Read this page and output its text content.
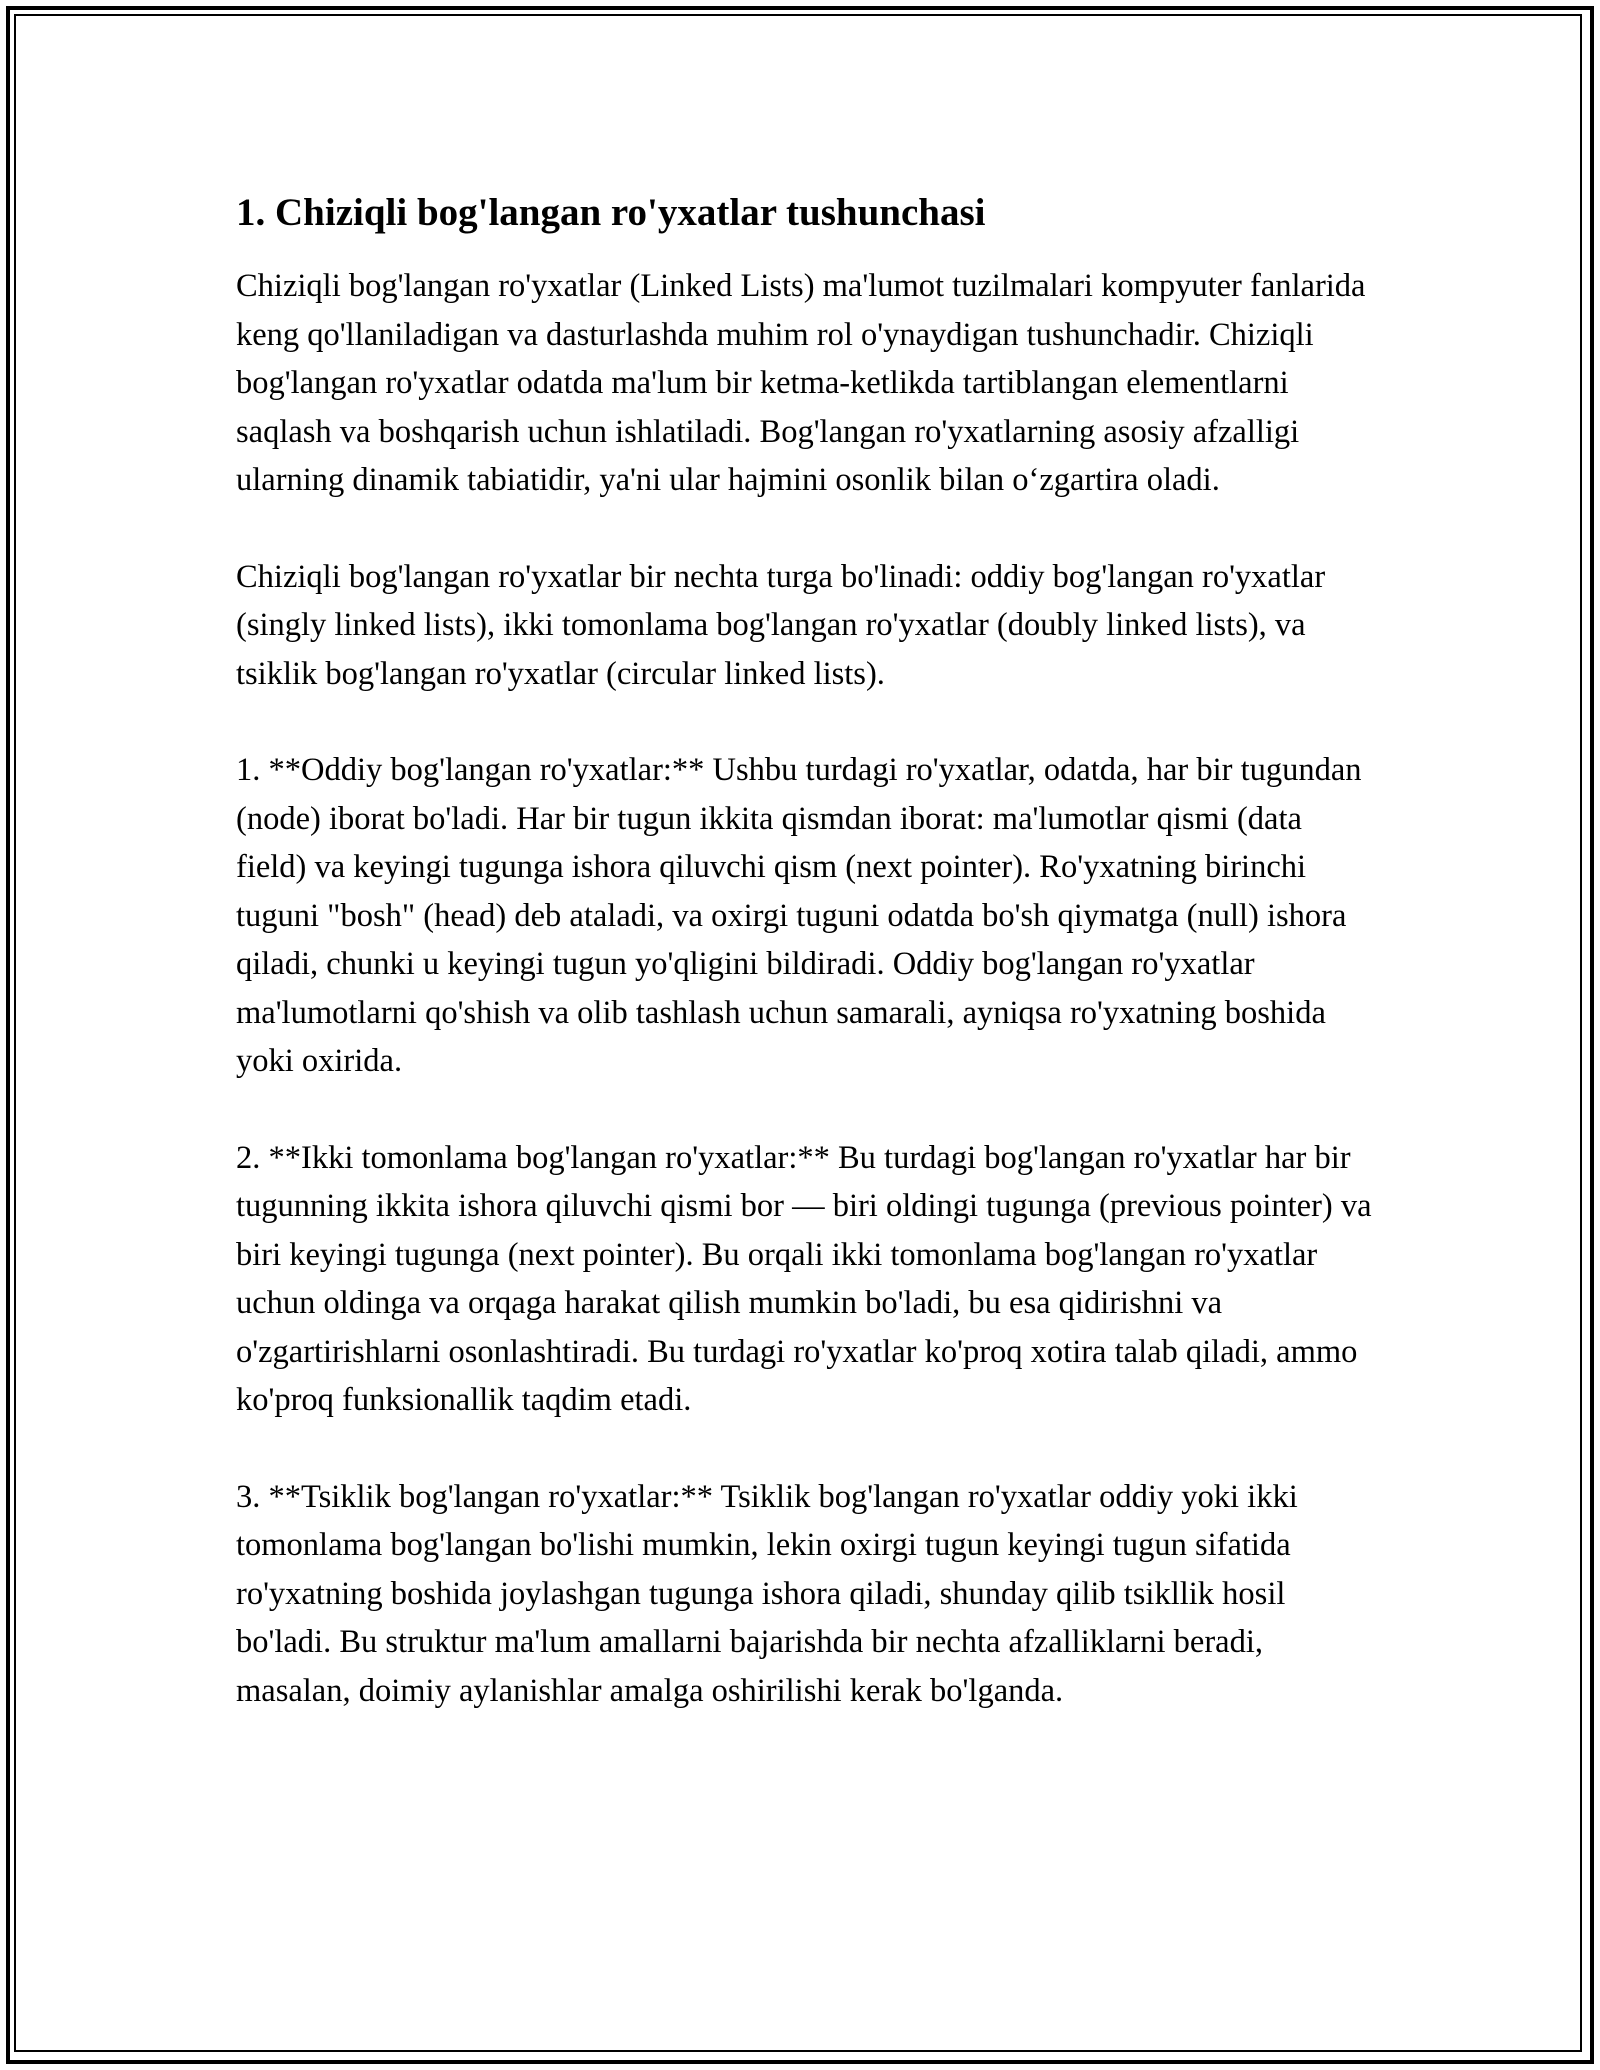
1. Chiziqli bog'langan ro'yxatlar tushunchasi

Chiziqli bog'langan ro'yxatlar (Linked Lists) ma'lumot tuzilmalari kompyuter fanlarida keng qo'llaniladigan va dasturlashda muhim rol o'ynaydigan tushunchadir. Chiziqli bog'langan ro'yxatlar odatda ma'lum bir ketma-ketlikda tartiblangan elementlarni saqlash va boshqarish uchun ishlatiladi. Bog'langan ro'yxatlarning asosiy afzalligi ularning dinamik tabiatidir, ya'ni ular hajmini osonlik bilan oʻzgartira oladi.

Chiziqli bog'langan ro'yxatlar bir nechta turga bo'linadi: oddiy bog'langan ro'yxatlar (singly linked lists), ikki tomonlama bog'langan ro'yxatlar (doubly linked lists), va tsiklik bog'langan ro'yxatlar (circular linked lists).

1. **Oddiy bog'langan ro'yxatlar:** Ushbu turdagi ro'yxatlar, odatda, har bir tugundan (node) iborat bo'ladi. Har bir tugun ikkita qismdan iborat: ma'lumotlar qismi (data field) va keyingi tugunga ishora qiluvchi qism (next pointer). Ro'yxatning birinchi tuguni "bosh" (head) deb ataladi, va oxirgi tuguni odatda bo'sh qiymatga (null) ishora qiladi, chunki u keyingi tugun yo'qligini bildiradi. Oddiy bog'langan ro'yxatlar ma'lumotlarni qo'shish va olib tashlash uchun samarali, ayniqsa ro'yxatning boshida yoki oxirida.

2. **Ikki tomonlama bog'langan ro'yxatlar:** Bu turdagi bog'langan ro'yxatlar har bir tugunning ikkita ishora qiluvchi qismi bor — biri oldingi tugunga (previous pointer) va biri keyingi tugunga (next pointer). Bu orqali ikki tomonlama bog'langan ro'yxatlar uchun oldinga va orqaga harakat qilish mumkin bo'ladi, bu esa qidirishni va o'zgartirishlarni osonlashtiradi. Bu turdagi ro'yxatlar ko'proq xotira talab qiladi, ammo ko'proq funksionallik taqdim etadi.

3. **Tsiklik bog'langan ro'yxatlar:** Tsiklik bog'langan ro'yxatlar oddiy yoki ikki tomonlama bog'langan bo'lishi mumkin, lekin oxirgi tugun keyingi tugun sifatida ro'yxatning boshida joylashgan tugunga ishora qiladi, shunday qilib tsikllik hosil bo'ladi. Bu struktur ma'lum amallarni bajarishda bir nechta afzalliklarni beradi, masalan, doimiy aylanishlar amalga oshirilishi kerak bo'lganda.
